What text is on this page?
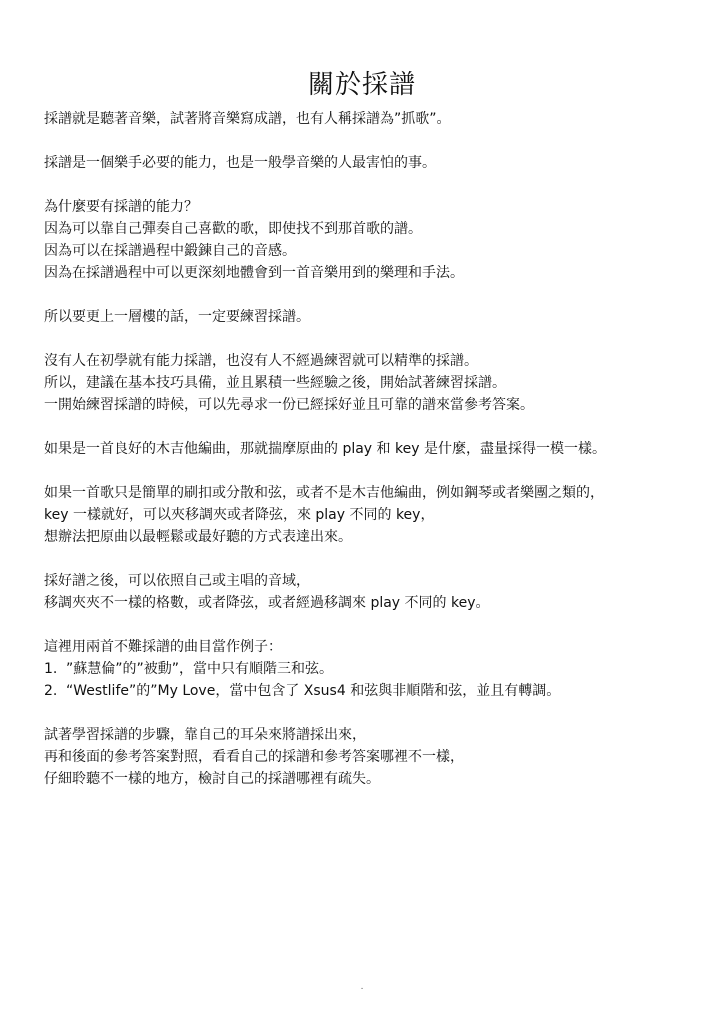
關於採譜
採譜就是聽著音樂，試著將音樂寫成譜，也有人稱採譜為”抓歌”。
採譜是一個樂手必要的能力，也是一般學音樂的人最害怕的事。
為什麼要有採譜的能力？
因為可以靠自己彈奏自己喜歡的歌，即使找不到那首歌的譜。
因為可以在採譜過程中鍛鍊自己的音感。
因為在採譜過程中可以更深刻地體會到一首音樂用到的樂理和手法。
所以要更上一層樓的話，一定要練習採譜。
沒有人在初學就有能力採譜，也沒有人不經過練習就可以精準的採譜。
所以，建議在基本技巧具備，並且累積一些經驗之後，開始試著練習採譜。
一開始練習採譜的時候，可以先尋求一份已經採好並且可靠的譜來當參考答案。
如果是一首良好的木吉他編曲，那就揣摩原曲的 play 和 key 是什麼，盡量採得一模一樣。
如果一首歌只是簡單的刷扣或分散和弦，或者不是木吉他編曲，例如鋼琴或者樂團之類的，
key 一樣就好，可以夾移調夾或者降弦，來 play 不同的 key，
想辦法把原曲以最輕鬆或最好聽的方式表達出來。
採好譜之後，可以依照自己或主唱的音域，
移調夾夾不一樣的格數，或者降弦，或者經過移調來 play 不同的 key。
這裡用兩首不難採譜的曲目當作例子：
1. ”蘇慧倫”的”被動”，當中只有順階三和弦。
2. “Westlife”的”My Love，當中包含了 Xsus4 和弦與非順階和弦，並且有轉調。
試著學習採譜的步驟，靠自己的耳朵來將譜採出來，
再和後面的參考答案對照，看看自己的採譜和參考答案哪裡不一樣，
仔細聆聽不一樣的地方，檢討自己的採譜哪裡有疏失。
.
